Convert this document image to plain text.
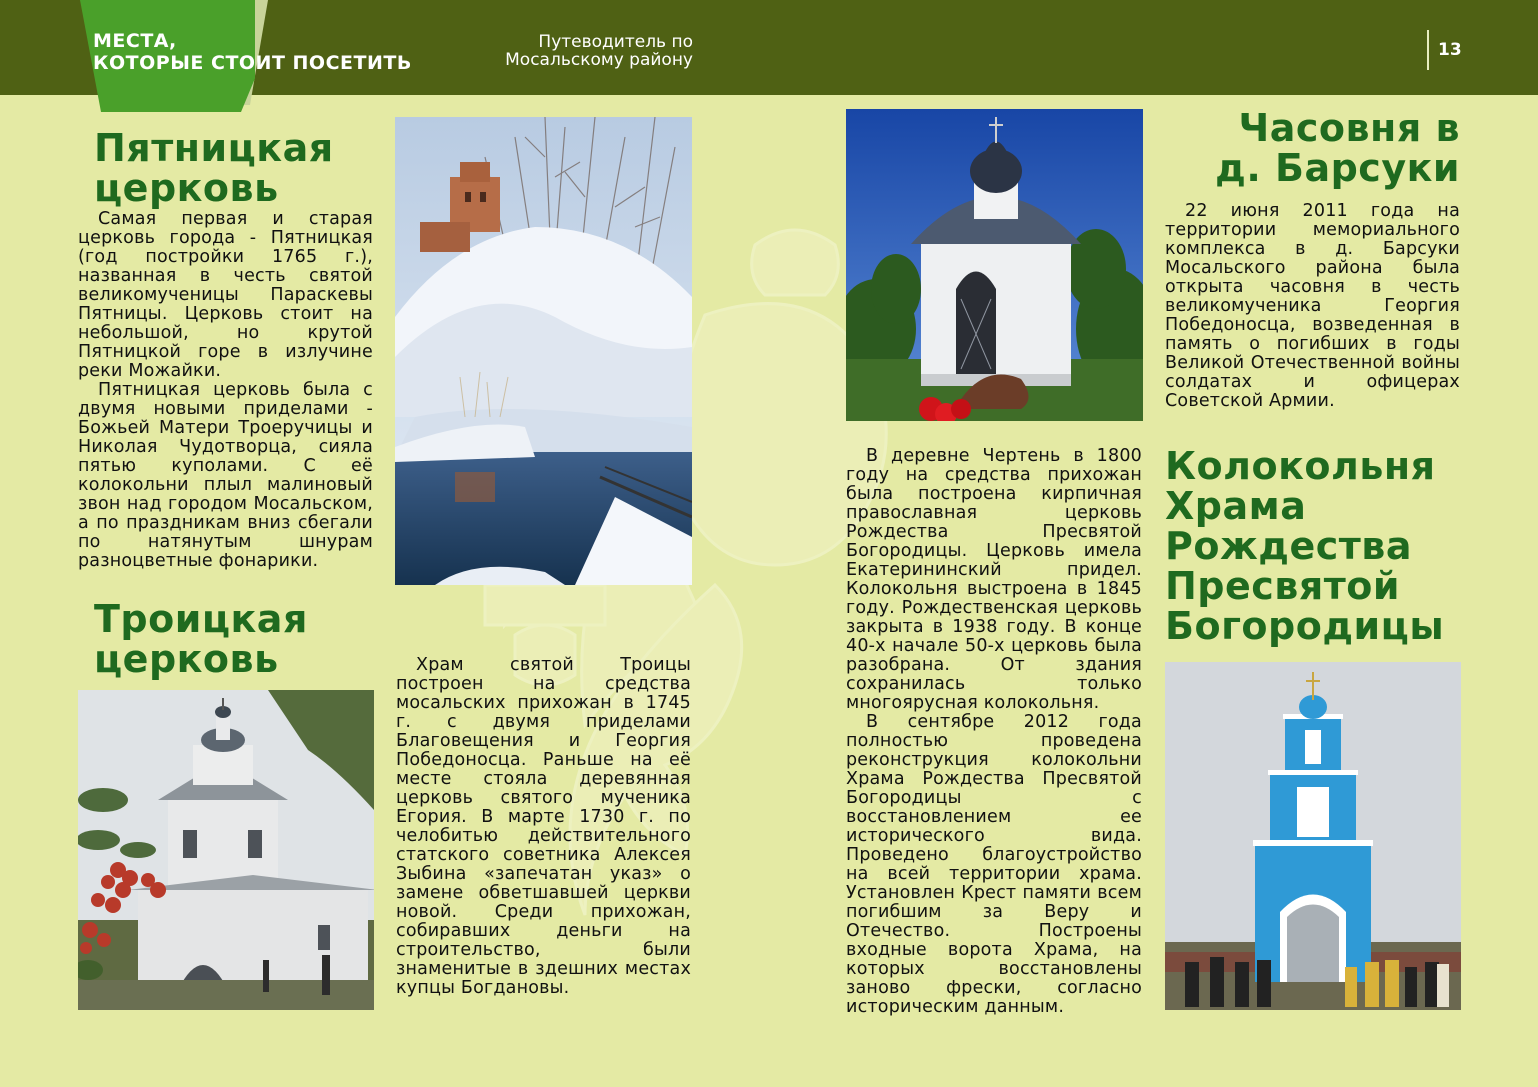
МЕСТА,
КОТОРЫЕ СТОИТ ПОСЕТИТЬ
Путеводитель по
Мосальскому району	13
Пятницкая
церковь

Самая первая и старая церковь города - Пятницкая (год постройки 1765 г.), названная в честь святой великомученицы Параскевы Пятницы. Церковь стоит на небольшой, но крутой Пятницкой горе в излучине реки Можайки.

Пятницкая церковь была с двумя новыми приделами - Божьей Матери Троеручицы и Николая Чудотворца, сияла пятью куполами. С её колокольни плыл малиновый звон над городом Мосальском, а по праздникам вниз сбегали по натянутым шнурам разноцветные фонарики.

Троицкая
церковь	Храм святой Троицы построен на средства мосальских прихожан в 1745 г. с двумя приделами Благовещения и Георгия Победоносца. Раньше на её месте стояла деревянная церковь святого мученика Егория. В марте 1730 г. по челобитью действительного статского советника Алексея Зыбина «запечатан указ» о замене обветшавшей церкви новой. Среди прихожан, собиравших деньги на строительство, были знаменитые в здешних местах купцы Богдановы.

В деревне Чертень в 1800 году на средства прихожан была построена кирпичная православная церковь Рождества Пресвятой Богородицы. Церковь имела Екатерининский придел. Колокольня выстроена в 1845 году. Рождественская церковь закрыта в 1938 году. В конце 40-х начале 50-х церковь была разобрана. От здания сохранилась только многоярусная колокольня.

В сентябре 2012 года полностью проведена реконструкция колокольни Храма Рождества Пресвятой Богородицы с восстановлением ее исторического вида. Проведено благоустройство на всей территории храма. Установлен Крест памяти всем погибшим за Веру и Отечество. Построены входные ворота Храма, на которых восстановлены заново фрески, согласно историческим данным.

Часовня в
д. Барсуки

22 июня 2011 года на территории мемориального комплекса в д. Барсуки Мосальского района была открыта часовня в честь великомученика Георгия Победоносца, возведенная в память о погибших в годы Великой Отечественной войны солдатах и офицерах Советской Армии.

Колокольня
Храма
Рождества
Пресвятой
Богородицы
